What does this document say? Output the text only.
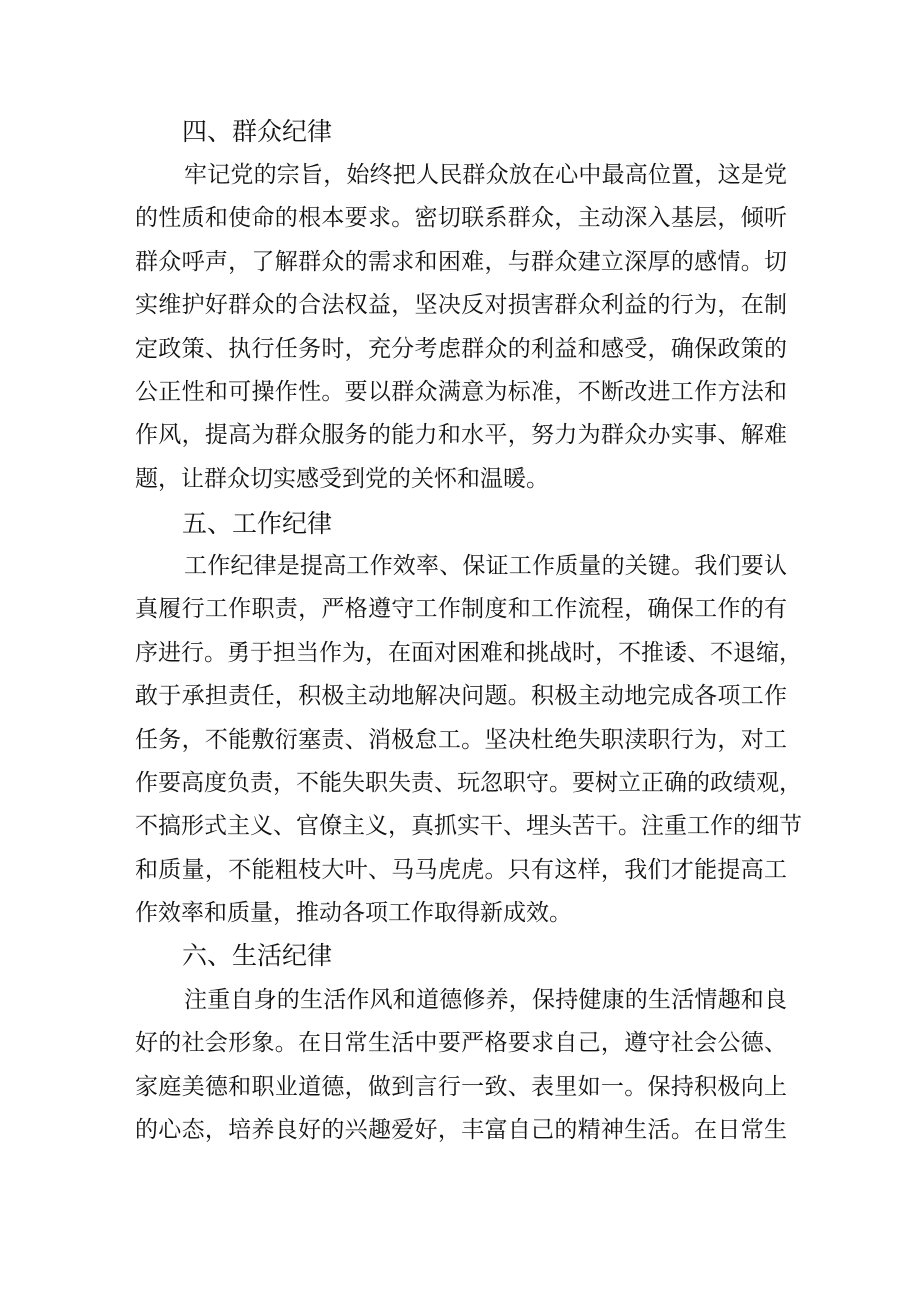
四、群众纪律
牢记党的宗旨，始终把人民群众放在心中最高位置，这是党
的性质和使命的根本要求。密切联系群众，主动深入基层，倾听
群众呼声，了解群众的需求和困难，与群众建立深厚的感情。切
实维护好群众的合法权益，坚决反对损害群众利益的行为，在制
定政策、执行任务时，充分考虑群众的利益和感受，确保政策的
公正性和可操作性。要以群众满意为标准，不断改进工作方法和
作风，提高为群众服务的能力和水平，努力为群众办实事、解难
题，让群众切实感受到党的关怀和温暖。
五、工作纪律
工作纪律是提高工作效率、保证工作质量的关键。我们要认
真履行工作职责，严格遵守工作制度和工作流程，确保工作的有
序进行。勇于担当作为，在面对困难和挑战时，不推诿、不退缩，
敢于承担责任，积极主动地解决问题。积极主动地完成各项工作
任务，不能敷衍塞责、消极怠工。坚决杜绝失职渎职行为，对工
作要高度负责，不能失职失责、玩忽职守。要树立正确的政绩观，
不搞形式主义、官僚主义，真抓实干、埋头苦干。注重工作的细节
和质量，不能粗枝大叶、马马虎虎。只有这样，我们才能提高工
作效率和质量，推动各项工作取得新成效。
六、生活纪律
注重自身的生活作风和道德修养，保持健康的生活情趣和良
好的社会形象。在日常生活中要严格要求自己，遵守社会公德、
家庭美德和职业道德，做到言行一致、表里如一。保持积极向上
的心态，培养良好的兴趣爱好，丰富自己的精神生活。在日常生
